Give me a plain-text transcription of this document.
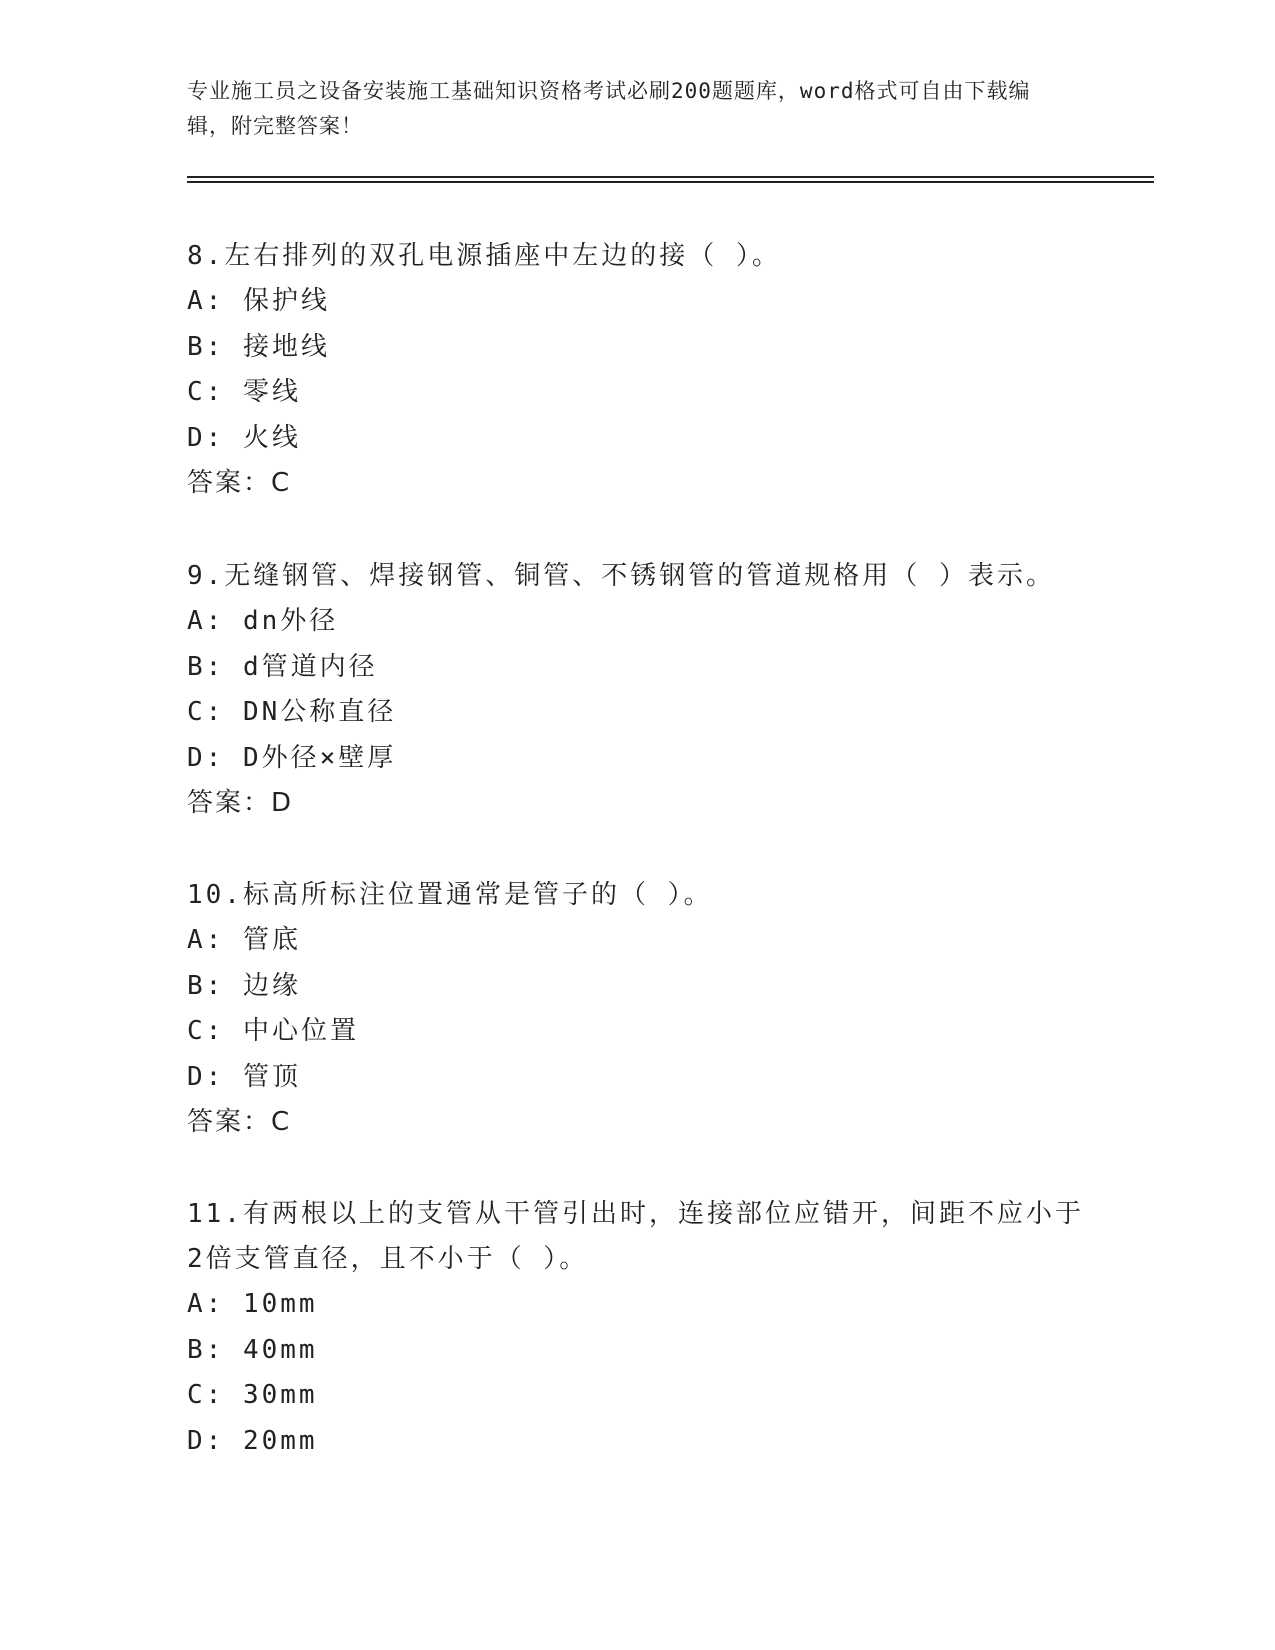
专业施工员之设备安装施工基础知识资格考试必刷200题题库，word格式可自由下载编辑，附完整答案！

8.左右排列的双孔电源插座中左边的接（ ）。

A: 保护线

B: 接地线

C: 零线

D: 火线

答案：C

9.无缝钢管、焊接钢管、铜管、不锈钢管的管道规格用（ ）表示。

A: dn外径

B: d管道内径

C: DN公称直径

D: D外径×壁厚

答案：D

10.标高所标注位置通常是管子的（ ）。

A: 管底

B: 边缘

C: 中心位置

D: 管顶

答案：C

11.有两根以上的支管从干管引出时，连接部位应错开，间距不应小于2倍支管直径，且不小于（ ）。

A: 10mm

B: 40mm

C: 30mm

D: 20mm
